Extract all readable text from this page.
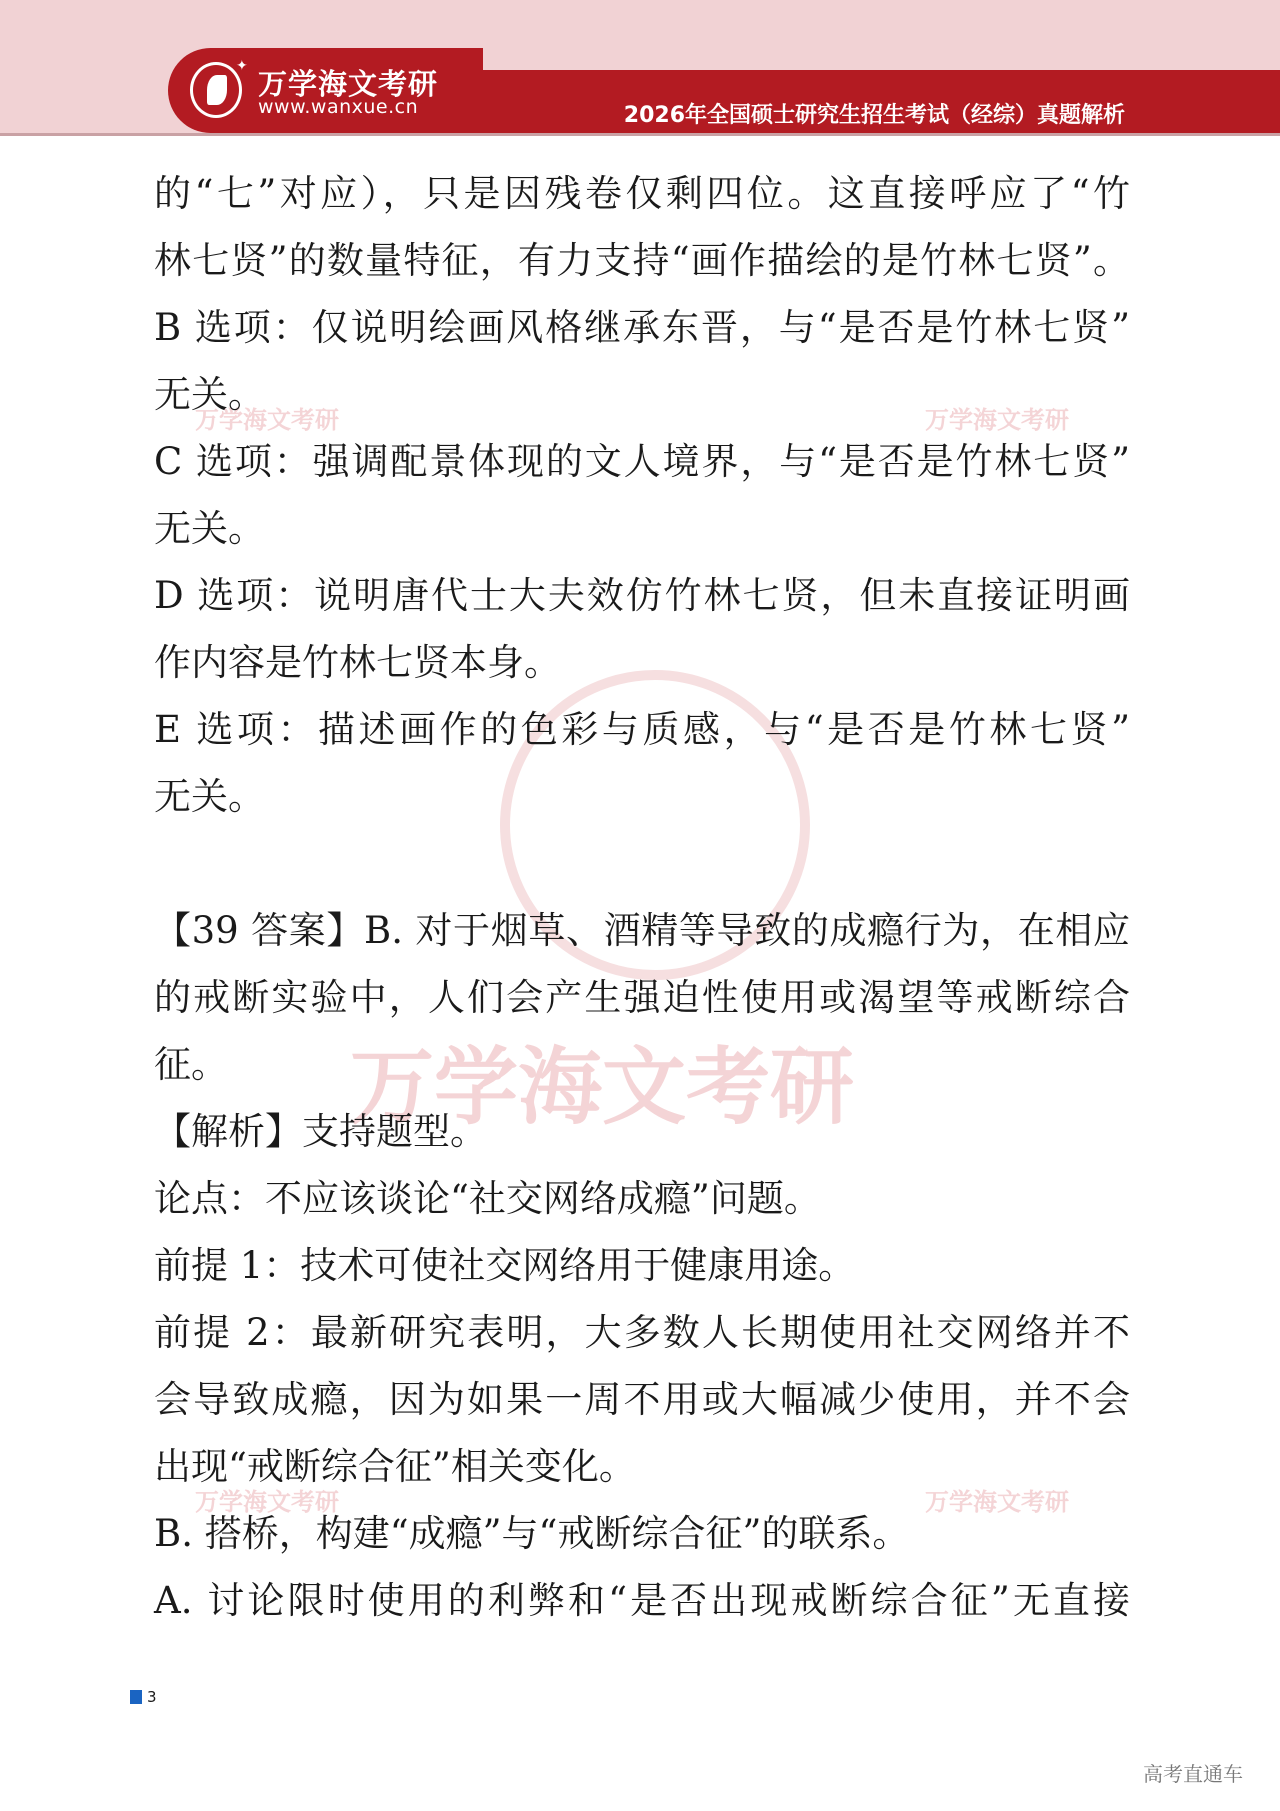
✦
万学海文考研
www.wanxue.cn	2026年全国硕士研究生招生考试（经综）真题解析
万学海文考研
万学海文考研	万学海文考研
万学海文考研	万学海文考研
的“七”对应），只是因残卷仅剩四位。这直接呼应了“竹
林七贤”的数量特征，有力支持“画作描绘的是竹林七贤”。
B 选项：仅说明绘画风格继承东晋，与“是否是竹林七贤”
无关。
C 选项：强调配景体现的文人境界，与“是否是竹林七贤”
无关。
D 选项：说明唐代士大夫效仿竹林七贤，但未直接证明画
作内容是竹林七贤本身。
E 选项：描述画作的色彩与质感，与“是否是竹林七贤”
无关。
【39 答案】B. 对于烟草、酒精等导致的成瘾行为，在相应
的戒断实验中，人们会产生强迫性使用或渴望等戒断综合
征。
【解析】支持题型。
论点：不应该谈论“社交网络成瘾”问题。
前提 1：技术可使社交网络用于健康用途。
前提 2：最新研究表明，大多数人长期使用社交网络并不
会导致成瘾，因为如果一周不用或大幅减少使用，并不会
出现“戒断综合征”相关变化。
B. 搭桥，构建“成瘾”与“戒断综合征”的联系。
A. 讨论限时使用的利弊和“是否出现戒断综合征”无直接
3
高考直通车
